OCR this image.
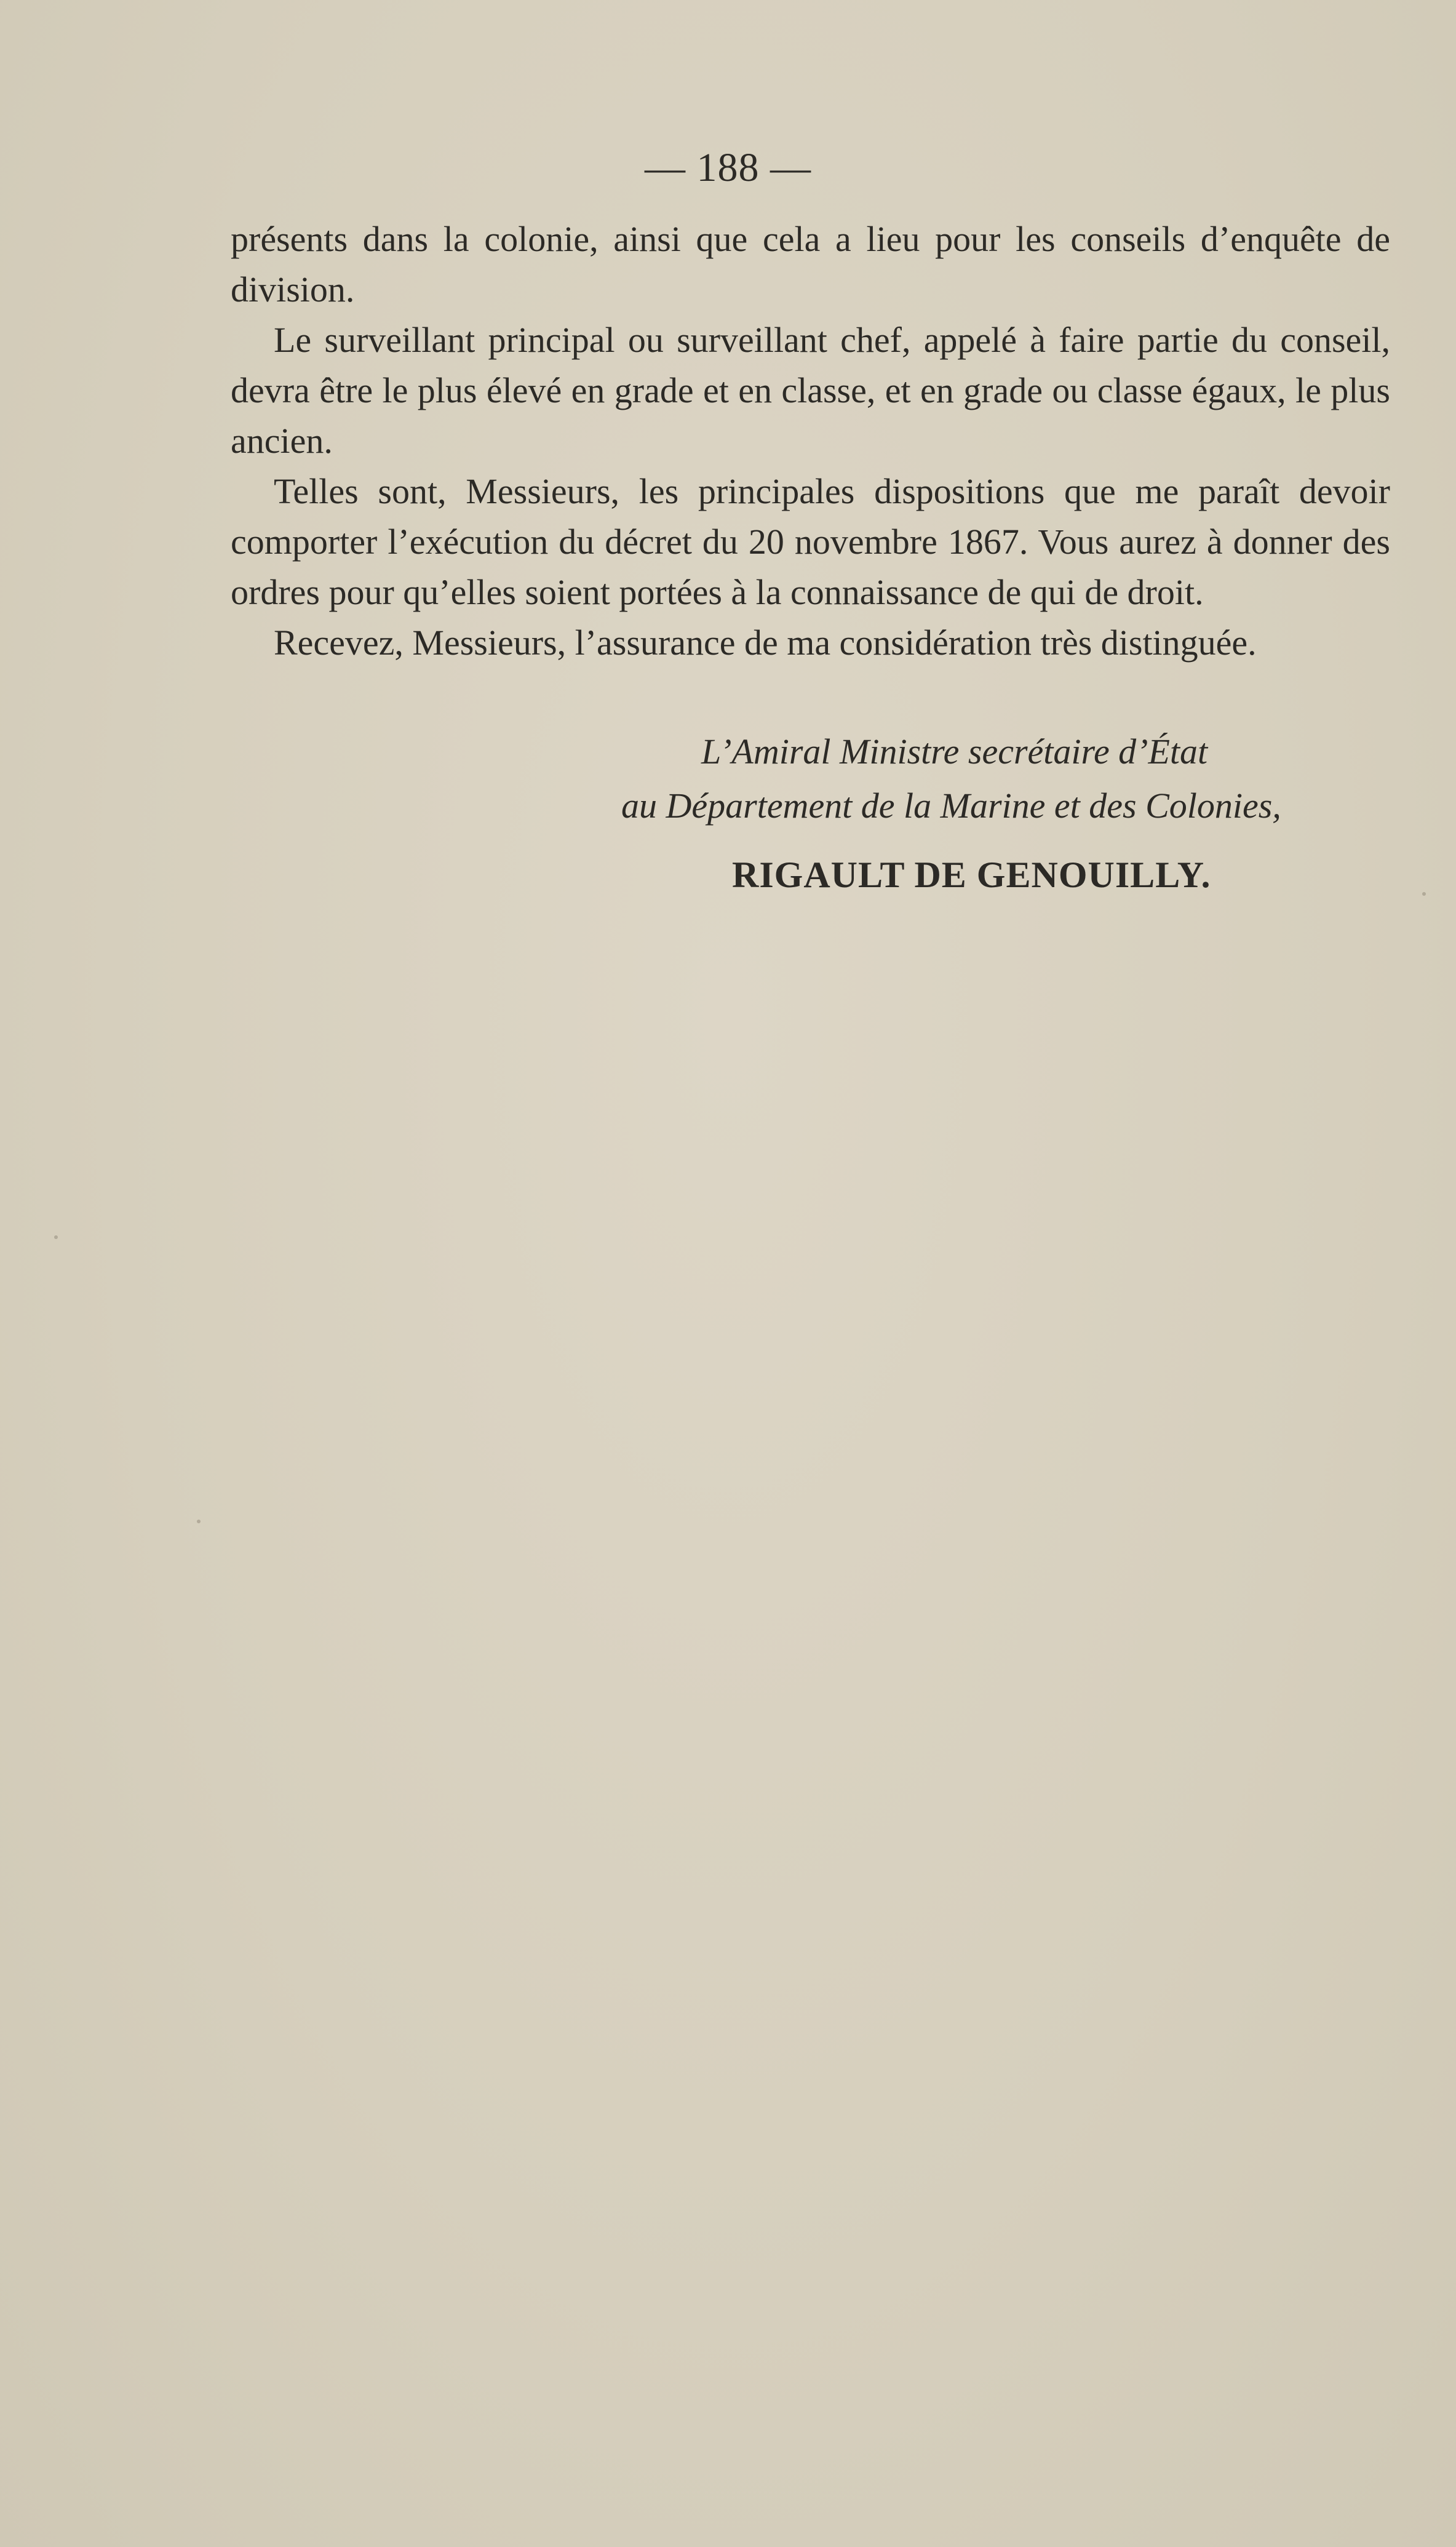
— 188 —

présents dans la colonie, ainsi que cela a lieu pour les conseils d’enquête de division.

Le surveillant principal ou surveillant chef, appelé à faire partie du conseil, devra être le plus élevé en grade et en classe, et en grade ou classe égaux, le plus ancien.

Telles sont, Messieurs, les principales dispositions que me paraît devoir comporter l’exécution du décret du 20 novembre 1867. Vous aurez à donner des ordres pour qu’elles soient portées à la connaissance de qui de droit.

Recevez, Messieurs, l’assurance de ma considération très distinguée.

L’Amiral Ministre secrétaire d’État
au Département de la Marine et des Colonies,
RIGAULT DE GENOUILLY.
